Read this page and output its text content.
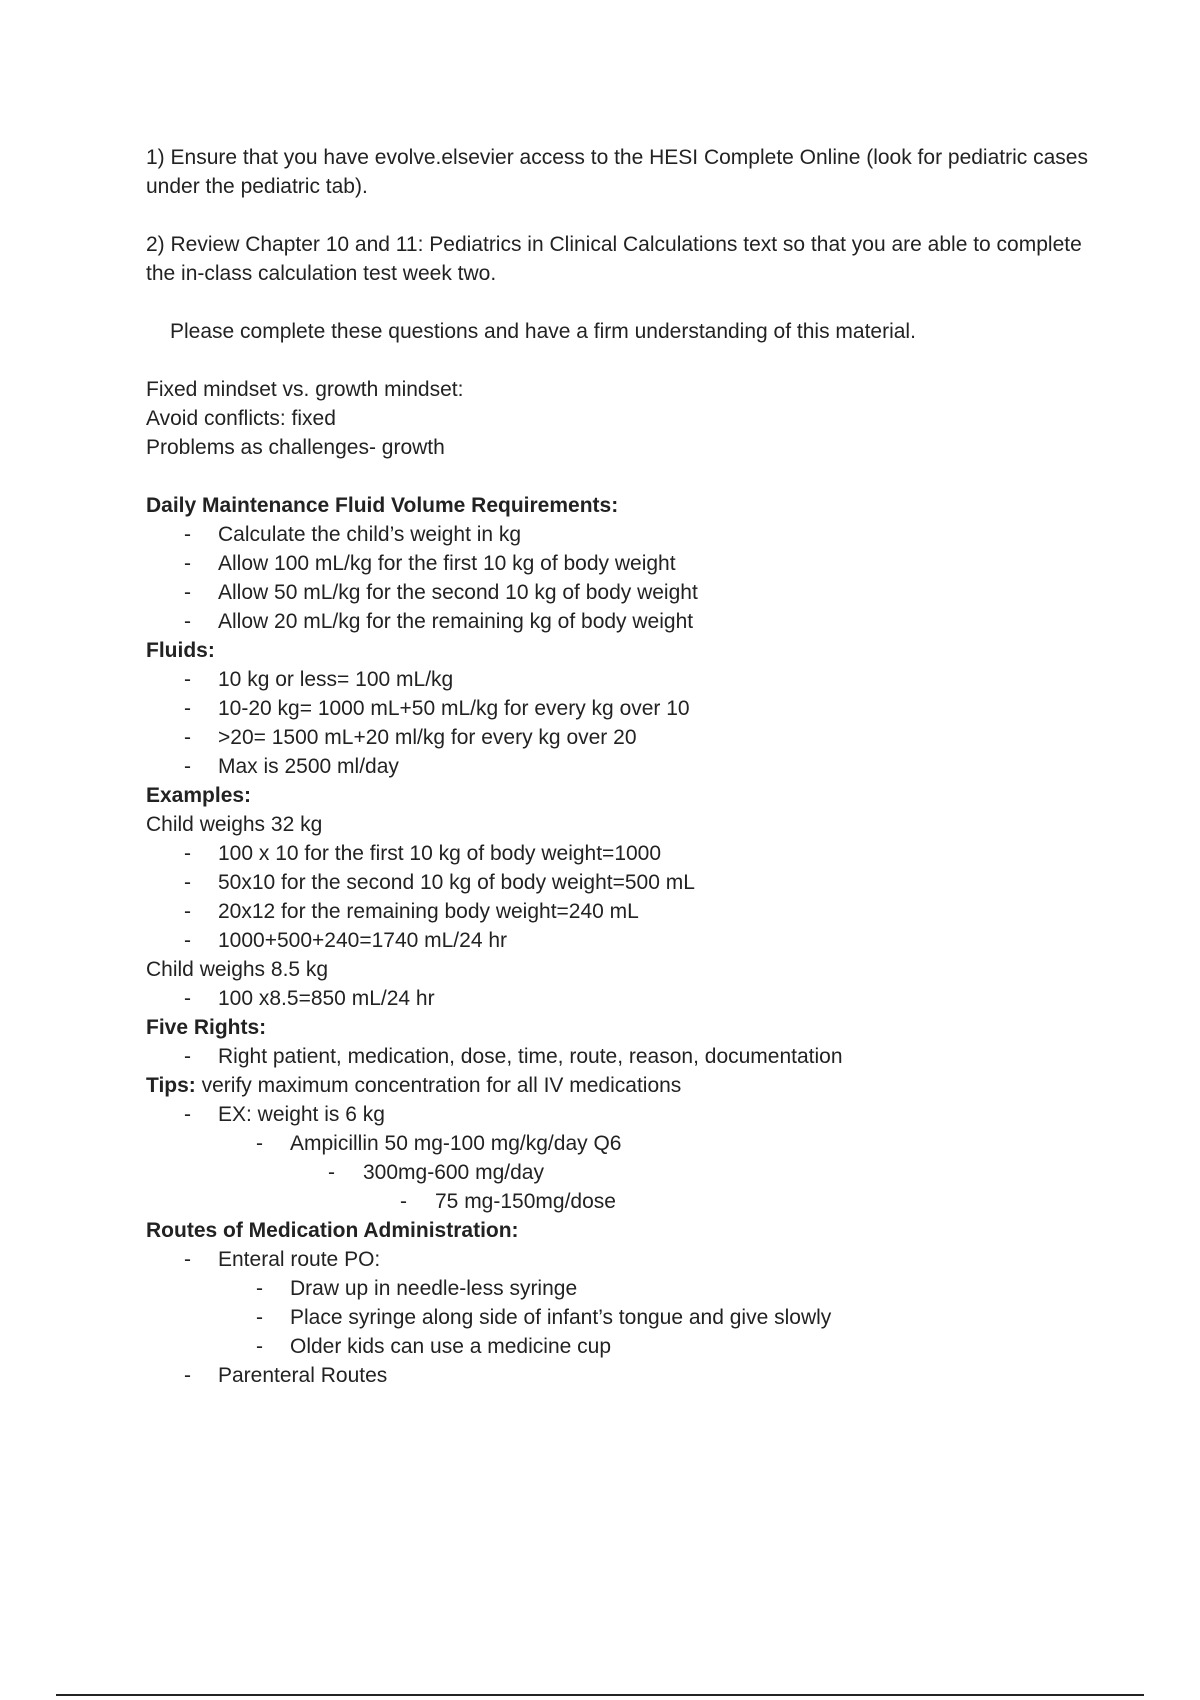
1) Ensure that you have evolve.elsevier access to the HESI Complete Online (look for pediatric cases under the pediatric tab).

2) Review Chapter 10 and 11: Pediatrics in Clinical Calculations text so that you are able to complete the in-class calculation test week two.

Please complete these questions and have a firm understanding of this material.

Fixed mindset vs. growth mindset:
Avoid conflicts: fixed
Problems as challenges- growth
Daily Maintenance Fluid Volume Requirements:
- Calculate the child’s weight in kg
- Allow 100 mL/kg for the first 10 kg of body weight
- Allow 50 mL/kg for the second 10 kg of body weight
- Allow 20 mL/kg for the remaining kg of body weight
Fluids:
- 10 kg or less= 100 mL/kg
- 10-20 kg= 1000 mL+50 mL/kg for every kg over 10
- >20= 1500 mL+20 ml/kg for every kg over 20
- Max is 2500 ml/day
Examples:
Child weighs 32 kg
- 100 x 10 for the first 10 kg of body weight=1000
- 50x10 for the second 10 kg of body weight=500 mL
- 20x12 for the remaining body weight=240 mL
- 1000+500+240=1740 mL/24 hr
Child weighs 8.5 kg
- 100 x8.5=850 mL/24 hr
Five Rights:
- Right patient, medication, dose, time, route, reason, documentation
Tips: verify maximum concentration for all IV medications
- EX: weight is 6 kg
- Ampicillin 50 mg-100 mg/kg/day Q6
- 300mg-600 mg/day
- 75 mg-150mg/dose
Routes of Medication Administration:
- Enteral route PO:
- Draw up in needle-less syringe
- Place syringe along side of infant’s tongue and give slowly
- Older kids can use a medicine cup
- Parenteral Routes
